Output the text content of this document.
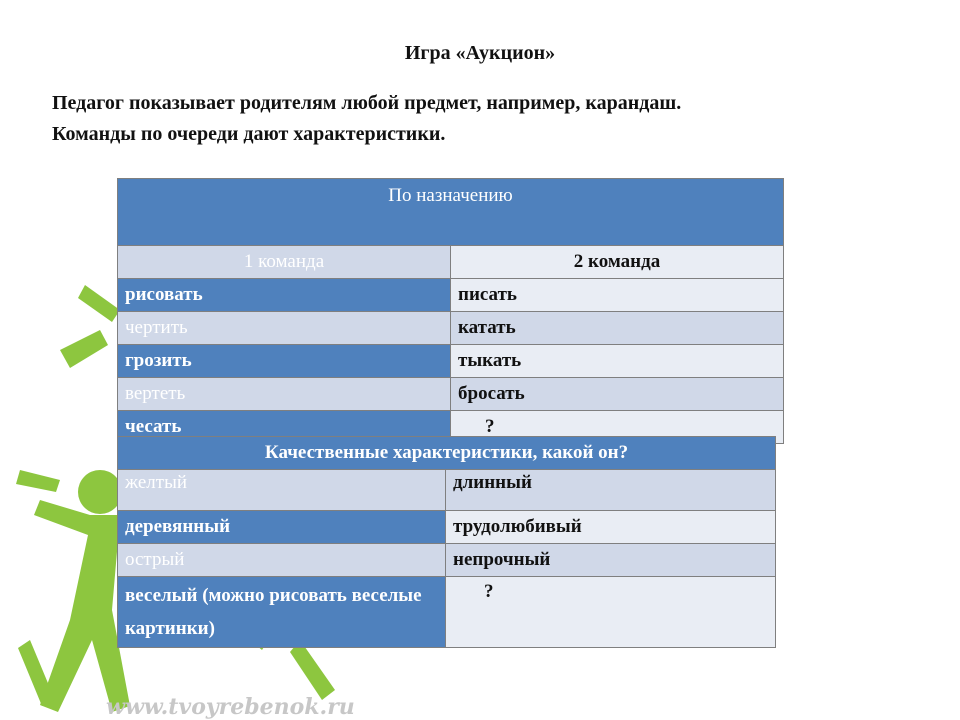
Игра «Аукцион»
Педагог показывает родителям любой предмет, например, карандаш.
Команды по очереди дают характеристики.
По назначению	
1 команда	2 команда
рисовать	писать
чертить	катать
грозить	тыкать
вертеть	бросать
чесать	?
Качественные характеристики, какой он?	
желтый	длинный
деревянный	трудолюбивый
острый	непрочный
веселый (можно рисовать веселые картинки)	?
www.tvoyrebenok.ru
